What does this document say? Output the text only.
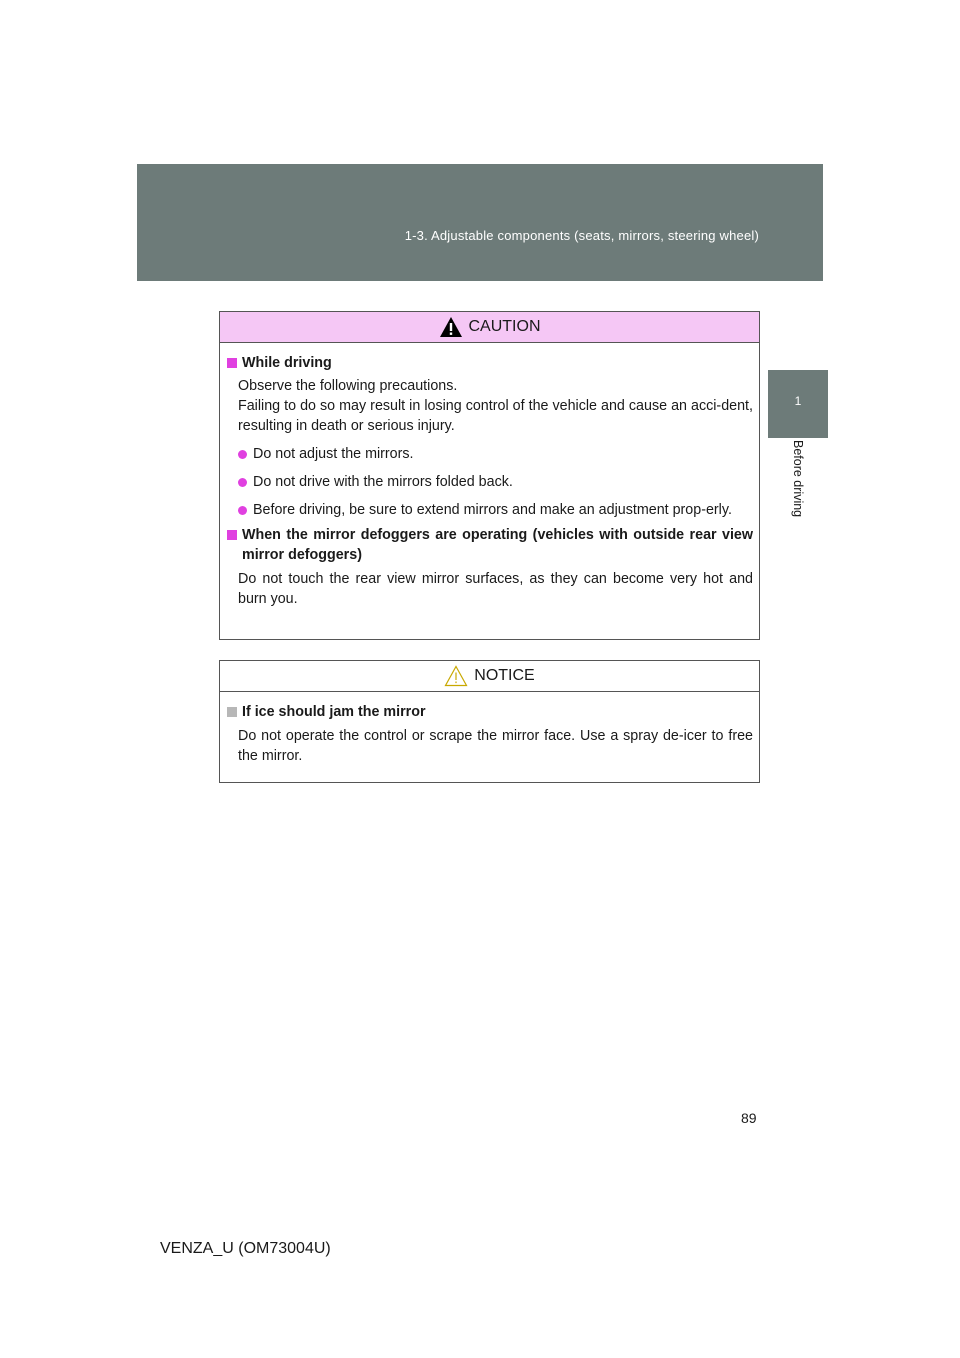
1-3. Adjustable components (seats, mirrors, steering wheel)
1
Before driving
CAUTION
While driving
Observe the following precautions.
Failing to do so may result in losing control of the vehicle and cause an acci-dent, resulting in death or serious injury.
Do not adjust the mirrors.
Do not drive with the mirrors folded back.
Before driving, be sure to extend mirrors and make an adjustment prop-erly.
When the mirror defoggers are operating (vehicles with outside rear view mirror defoggers)
Do not touch the rear view mirror surfaces, as they can become very hot and burn you.
NOTICE
If ice should jam the mirror
Do not operate the control or scrape the mirror face. Use a spray de-icer to free the mirror.
89
VENZA_U (OM73004U)
